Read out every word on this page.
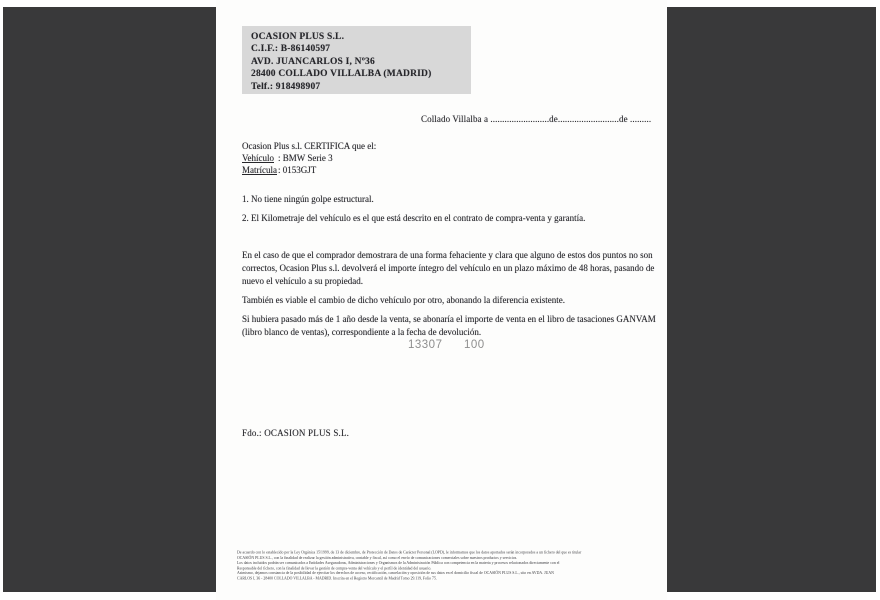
OCASION PLUS S.L.
C.I.F.: B-86140597
AVD. JUANCARLOS I, Nº36
28400 COLLADO VILLALBA (MADRID)
Telf.: 918498907
Collado Villalba a .........................de..........................de .........
Ocasion Plus s.l. CERTIFICA que el:
Vehículo : BMW Serie 3
Matrícula: 0153GJT
1. No tiene ningún golpe estructural.
2. El Kilometraje del vehículo es el que está descrito en el contrato de compra-venta y garantía.
En el caso de que el comprador demostrara de una forma fehaciente y clara que alguno de estos dos puntos no son correctos, Ocasion Plus s.l. devolverá el importe íntegro del vehículo en un plazo máximo de 48 horas, pasando de nuevo el vehículo a su propiedad.
También es viable el cambio de dicho vehículo por otro, abonando la diferencia existente.
Si hubiera pasado más de 1 año desde la venta, se abonaría el importe de venta en el libro de tasaciones GANVAM (libro blanco de ventas), correspondiente a la fecha de devolución.
13307 100
Fdo.: OCASION PLUS S.L.
De acuerdo con lo establecido por la Ley Orgánica 15/1999, de 13 de diciembre, de Protección de Datos de Carácter Personal (LOPD), le informamos que los datos aportados serán incorporados a un fichero del que es titular
OCASIÓN PLUS S.L., con la finalidad de realizar la gestión administrativa, contable y fiscal, así como el envío de comunicaciones comerciales sobre nuestros productos y servicios.
Los datos incluidos podrán ser comunicados a Entidades Aseguradoras, Administraciones y Organismos de la Administración Pública con competencia en la materia y procesos relacionados directamente con el
Responsable del fichero, con la finalidad de llevar la gestión de compra-venta del vehículo y el perfil de identidad del usuario.
Asimismo, dejamos constancia de la posibilidad de ejercitar los derechos de acceso, rectificación, cancelación y oposición de sus datos en el domicilio fiscal de OCASIÓN PLUS S.L., sito en AVDA. JUAN
CARLOS I, 36 - 28400 COLLADO VILLALBA - MADRID. Inscrita en el Registro Mercantil de Madrid Tomo 29.119, Folio 75.
